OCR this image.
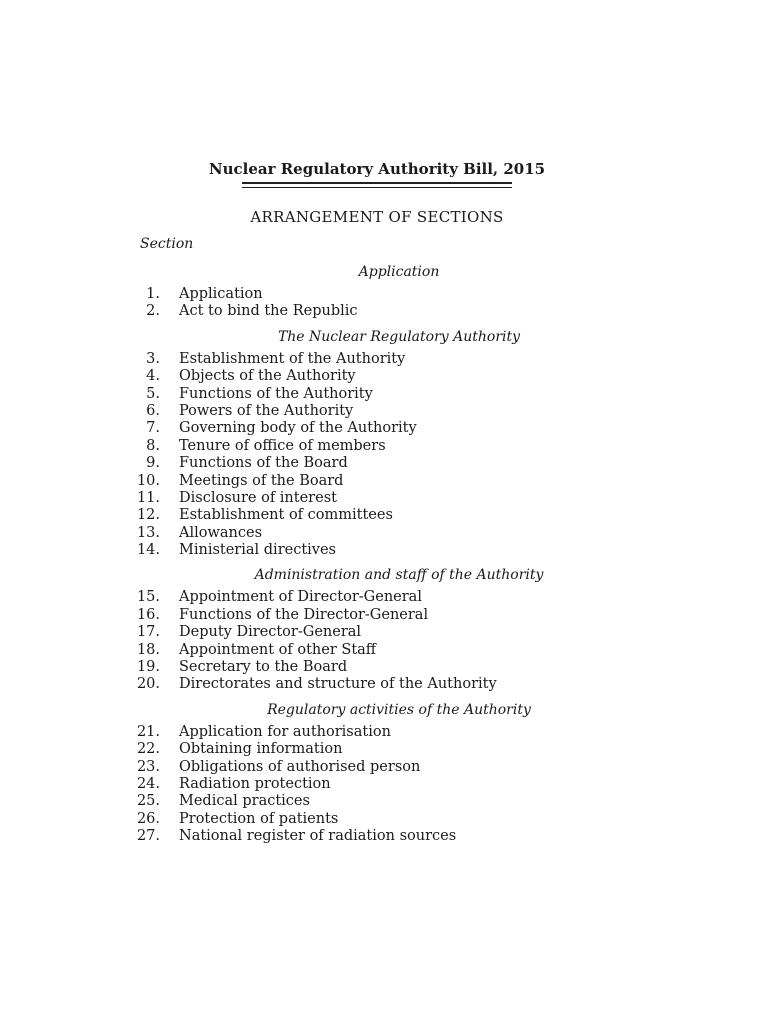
Nuclear Regulatory Authority Bill, 2015
ARRANGEMENT OF SECTIONS
Section
Application
1. Application
2. Act to bind the Republic
The Nuclear Regulatory Authority
3. Establishment of the Authority
4. Objects of the Authority
5. Functions of the Authority
6. Powers of the Authority
7. Governing body of the Authority
8. Tenure of office of members
9. Functions of the Board
10. Meetings of the Board
11. Disclosure of interest
12. Establishment of committees
13. Allowances
14. Ministerial directives
Administration and staff of the Authority
15. Appointment of Director-General
16. Functions of the Director-General
17. Deputy Director-General
18. Appointment of other Staff
19. Secretary to the Board
20. Directorates and structure of the Authority
Regulatory activities of the Authority
21. Application for authorisation
22. Obtaining information
23. Obligations of authorised person
24. Radiation protection
25. Medical practices
26. Protection of patients
27. National register of radiation sources
